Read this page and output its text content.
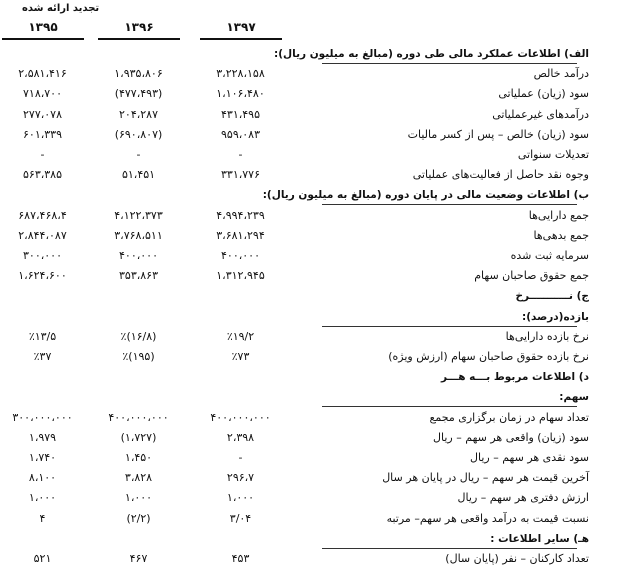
تجدید ارائه شده
۱۳۹۵	۱۳۹۶	۱۳۹۷
الف) اطلاعات عملکرد مالی طی دوره (مبالغ به میلیون ریال):
درآمد خالص
۲،۵۸۱،۴۱۶	۱،۹۳۵،۸۰۶	۳،۲۲۸،۱۵۸
سود (زیان) عملیاتی
۷۱۸،۷۰۰	(۴۷۷،۴۹۳)	۱،۱۰۶،۴۸۰
درآمدهای غیرعملیاتی
۲۷۷،۰۷۸	۲۰۴،۲۸۷	۴۳۱،۴۹۵
سود (زیان) خالص – پس از کسر مالیات
۶۰۱،۳۳۹	(۶۹۰،۸۰۷)	۹۵۹،۰۸۳
تعدیلات سنواتی
-	-	-
وجوه نقد حاصل از فعالیت‌های عملیاتی
۵۶۳،۳۸۵	۵۱،۴۵۱	۳۳۱،۷۷۶
ب) اطلاعات وضعیت مالی در پایان دوره (مبالغ به میلیون ریال):
جمع دارایی‌ها
۶۸۷،۴۶۸،۴	۴،۱۲۲،۳۷۳	۴،۹۹۴،۲۳۹
جمع بدهی‌ها
۲،۸۴۴،۰۸۷	۳،۷۶۸،۵۱۱	۳،۶۸۱،۲۹۴
سرمایه ثبت شده
۳۰۰،۰۰۰	۴۰۰،۰۰۰	۴۰۰،۰۰۰
جمع حقوق صاحبان سهام
۱،۶۲۴،۶۰۰	۳۵۳،۸۶۳	۱،۳۱۲،۹۴۵
ج) نـــــــــــرخ
بازده(درصد):
نرخ بازده دارایی‌ها
٪۱۳/۵	٪(۱۶/۸)	٪۱۹/۲
نرخ بازده حقوق صاحبان سهام (ارزش ویژه)
٪۳۷	٪(۱۹۵)	٪۷۳
د) اطلاعات مربوط بـــه هـــر
سهم:
تعداد سهام در زمان برگزاری مجمع
۳۰۰،۰۰۰،۰۰۰	۴۰۰،۰۰۰،۰۰۰	۴۰۰،۰۰۰،۰۰۰
سود (زیان) واقعی هر سهم – ریال
۱،۹۷۹	(۱،۷۲۷)	۲،۳۹۸
سود نقدی هر سهم – ریال
۱،۷۴۰	۱،۴۵۰	-
آخرین قیمت هر سهم – ریال در پایان هر سال
۸،۱۰۰	۳،۸۲۸	۲۹۶،۷
ارزش دفتری هر سهم – ریال
۱،۰۰۰	۱،۰۰۰	۱،۰۰۰
نسبت قیمت به درآمد واقعی هر سهم– مرتبه
۴	(۲/۲)	۳/۰۴
هـ) سایر اطلاعات :
تعداد کارکنان – نفر (پایان سال)
۵۲۱	۴۶۷	۴۵۳
